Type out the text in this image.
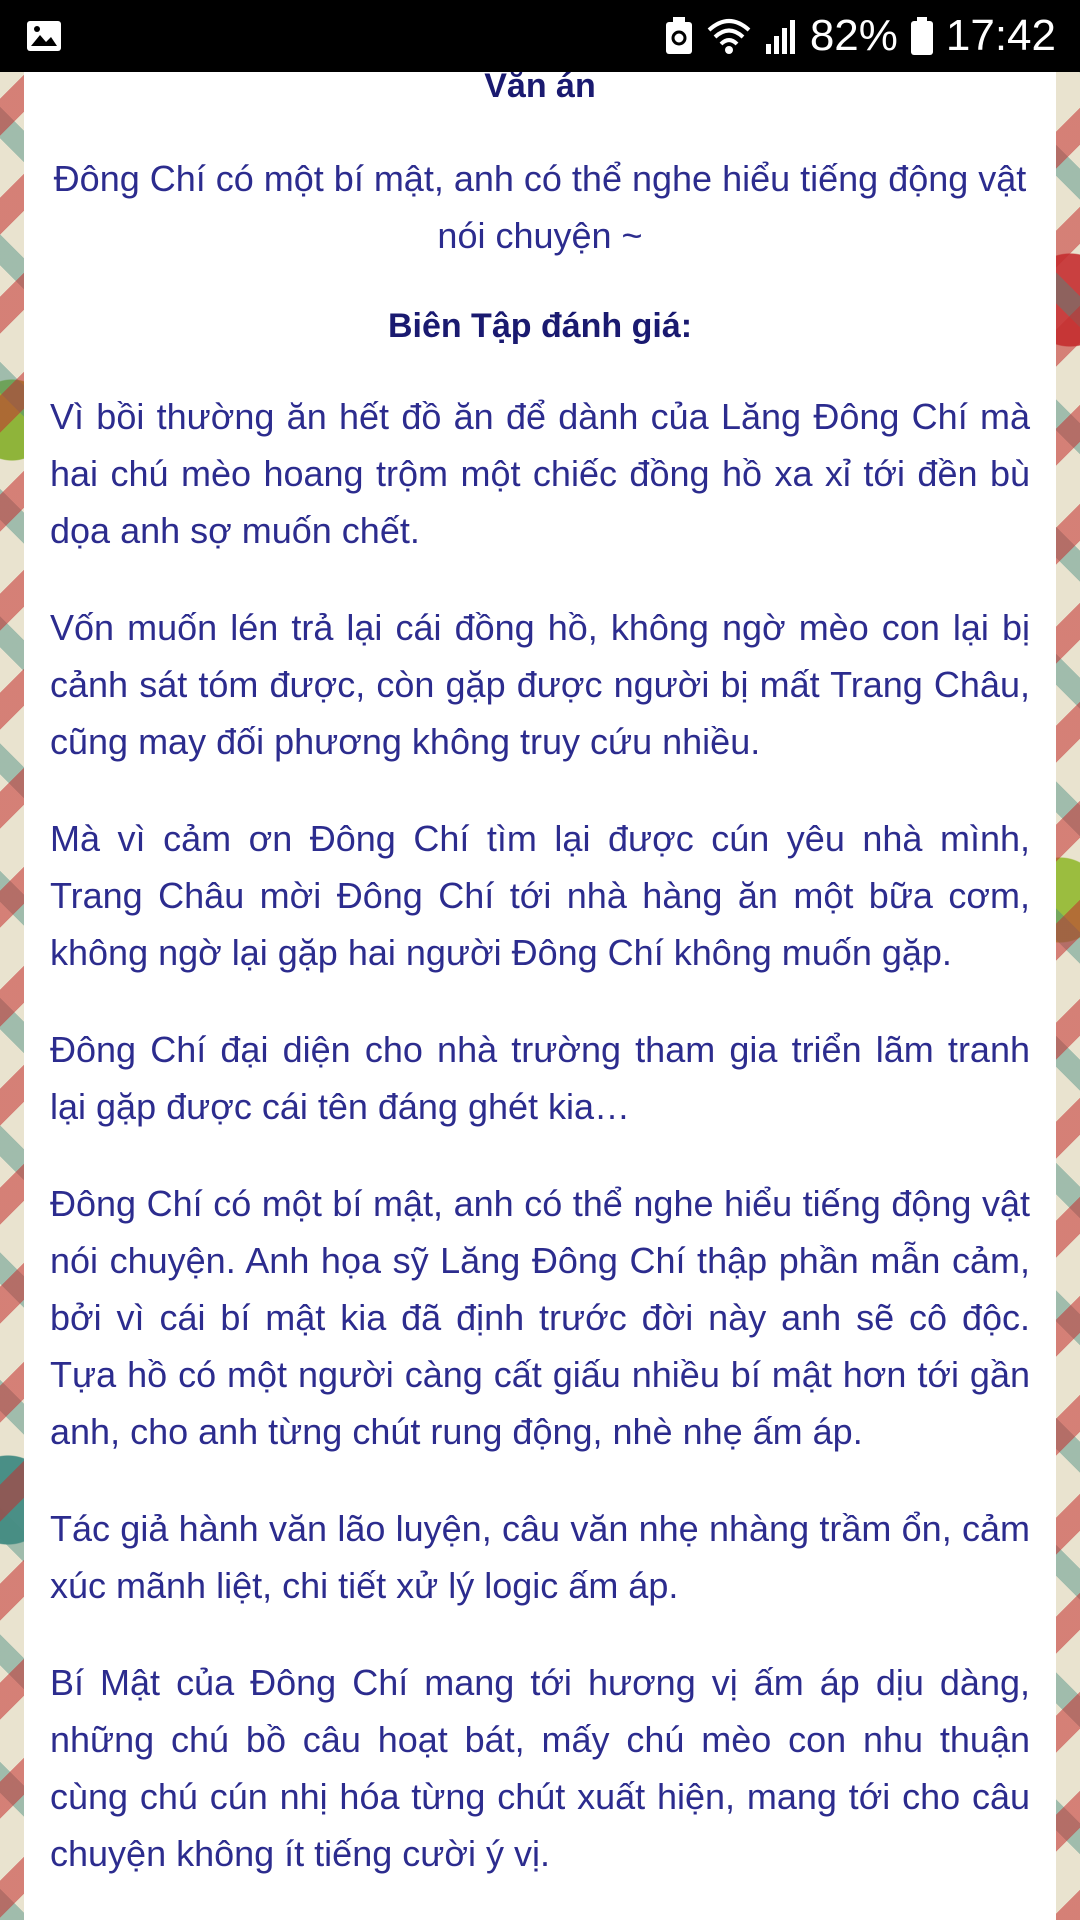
82% 17:42

Văn án

Đông Chí có một bí mật, anh có thể nghe hiểu tiếng động vật nói chuyện ~

Biên Tập đánh giá:

Vì bồi thường ăn hết đồ ăn để dành của Lăng Đông Chí mà hai chú mèo hoang trộm một chiếc đồng hồ xa xỉ tới đền bù dọa anh sợ muốn chết.

Vốn muốn lén trả lại cái đồng hồ, không ngờ mèo con lại bị cảnh sát tóm được, còn gặp được người bị mất Trang Châu, cũng may đối phương không truy cứu nhiều.

Mà vì cảm ơn Đông Chí tìm lại được cún yêu nhà mình, Trang Châu mời Đông Chí tới nhà hàng ăn một bữa cơm, không ngờ lại gặp hai người Đông Chí không muốn gặp.

Đông Chí đại diện cho nhà trường tham gia triển lãm tranh lại gặp được cái tên đáng ghét kia…

Đông Chí có một bí mật, anh có thể nghe hiểu tiếng động vật nói chuyện. Anh họa sỹ Lăng Đông Chí thập phần mẫn cảm, bởi vì cái bí mật kia đã định trước đời này anh sẽ cô độc. Tựa hồ có một người càng cất giấu nhiều bí mật hơn tới gần anh, cho anh từng chút rung động, nhè nhẹ ấm áp.

Tác giả hành văn lão luyện, câu văn nhẹ nhàng trầm ổn, cảm xúc mãnh liệt, chi tiết xử lý logic ấm áp.

Bí Mật của Đông Chí mang tới hương vị ấm áp dịu dàng, những chú bồ câu hoạt bát, mấy chú mèo con nhu thuận cùng chú cún nhị hóa từng chút xuất hiện, mang tới cho câu chuyện không ít tiếng cười ý vị.
